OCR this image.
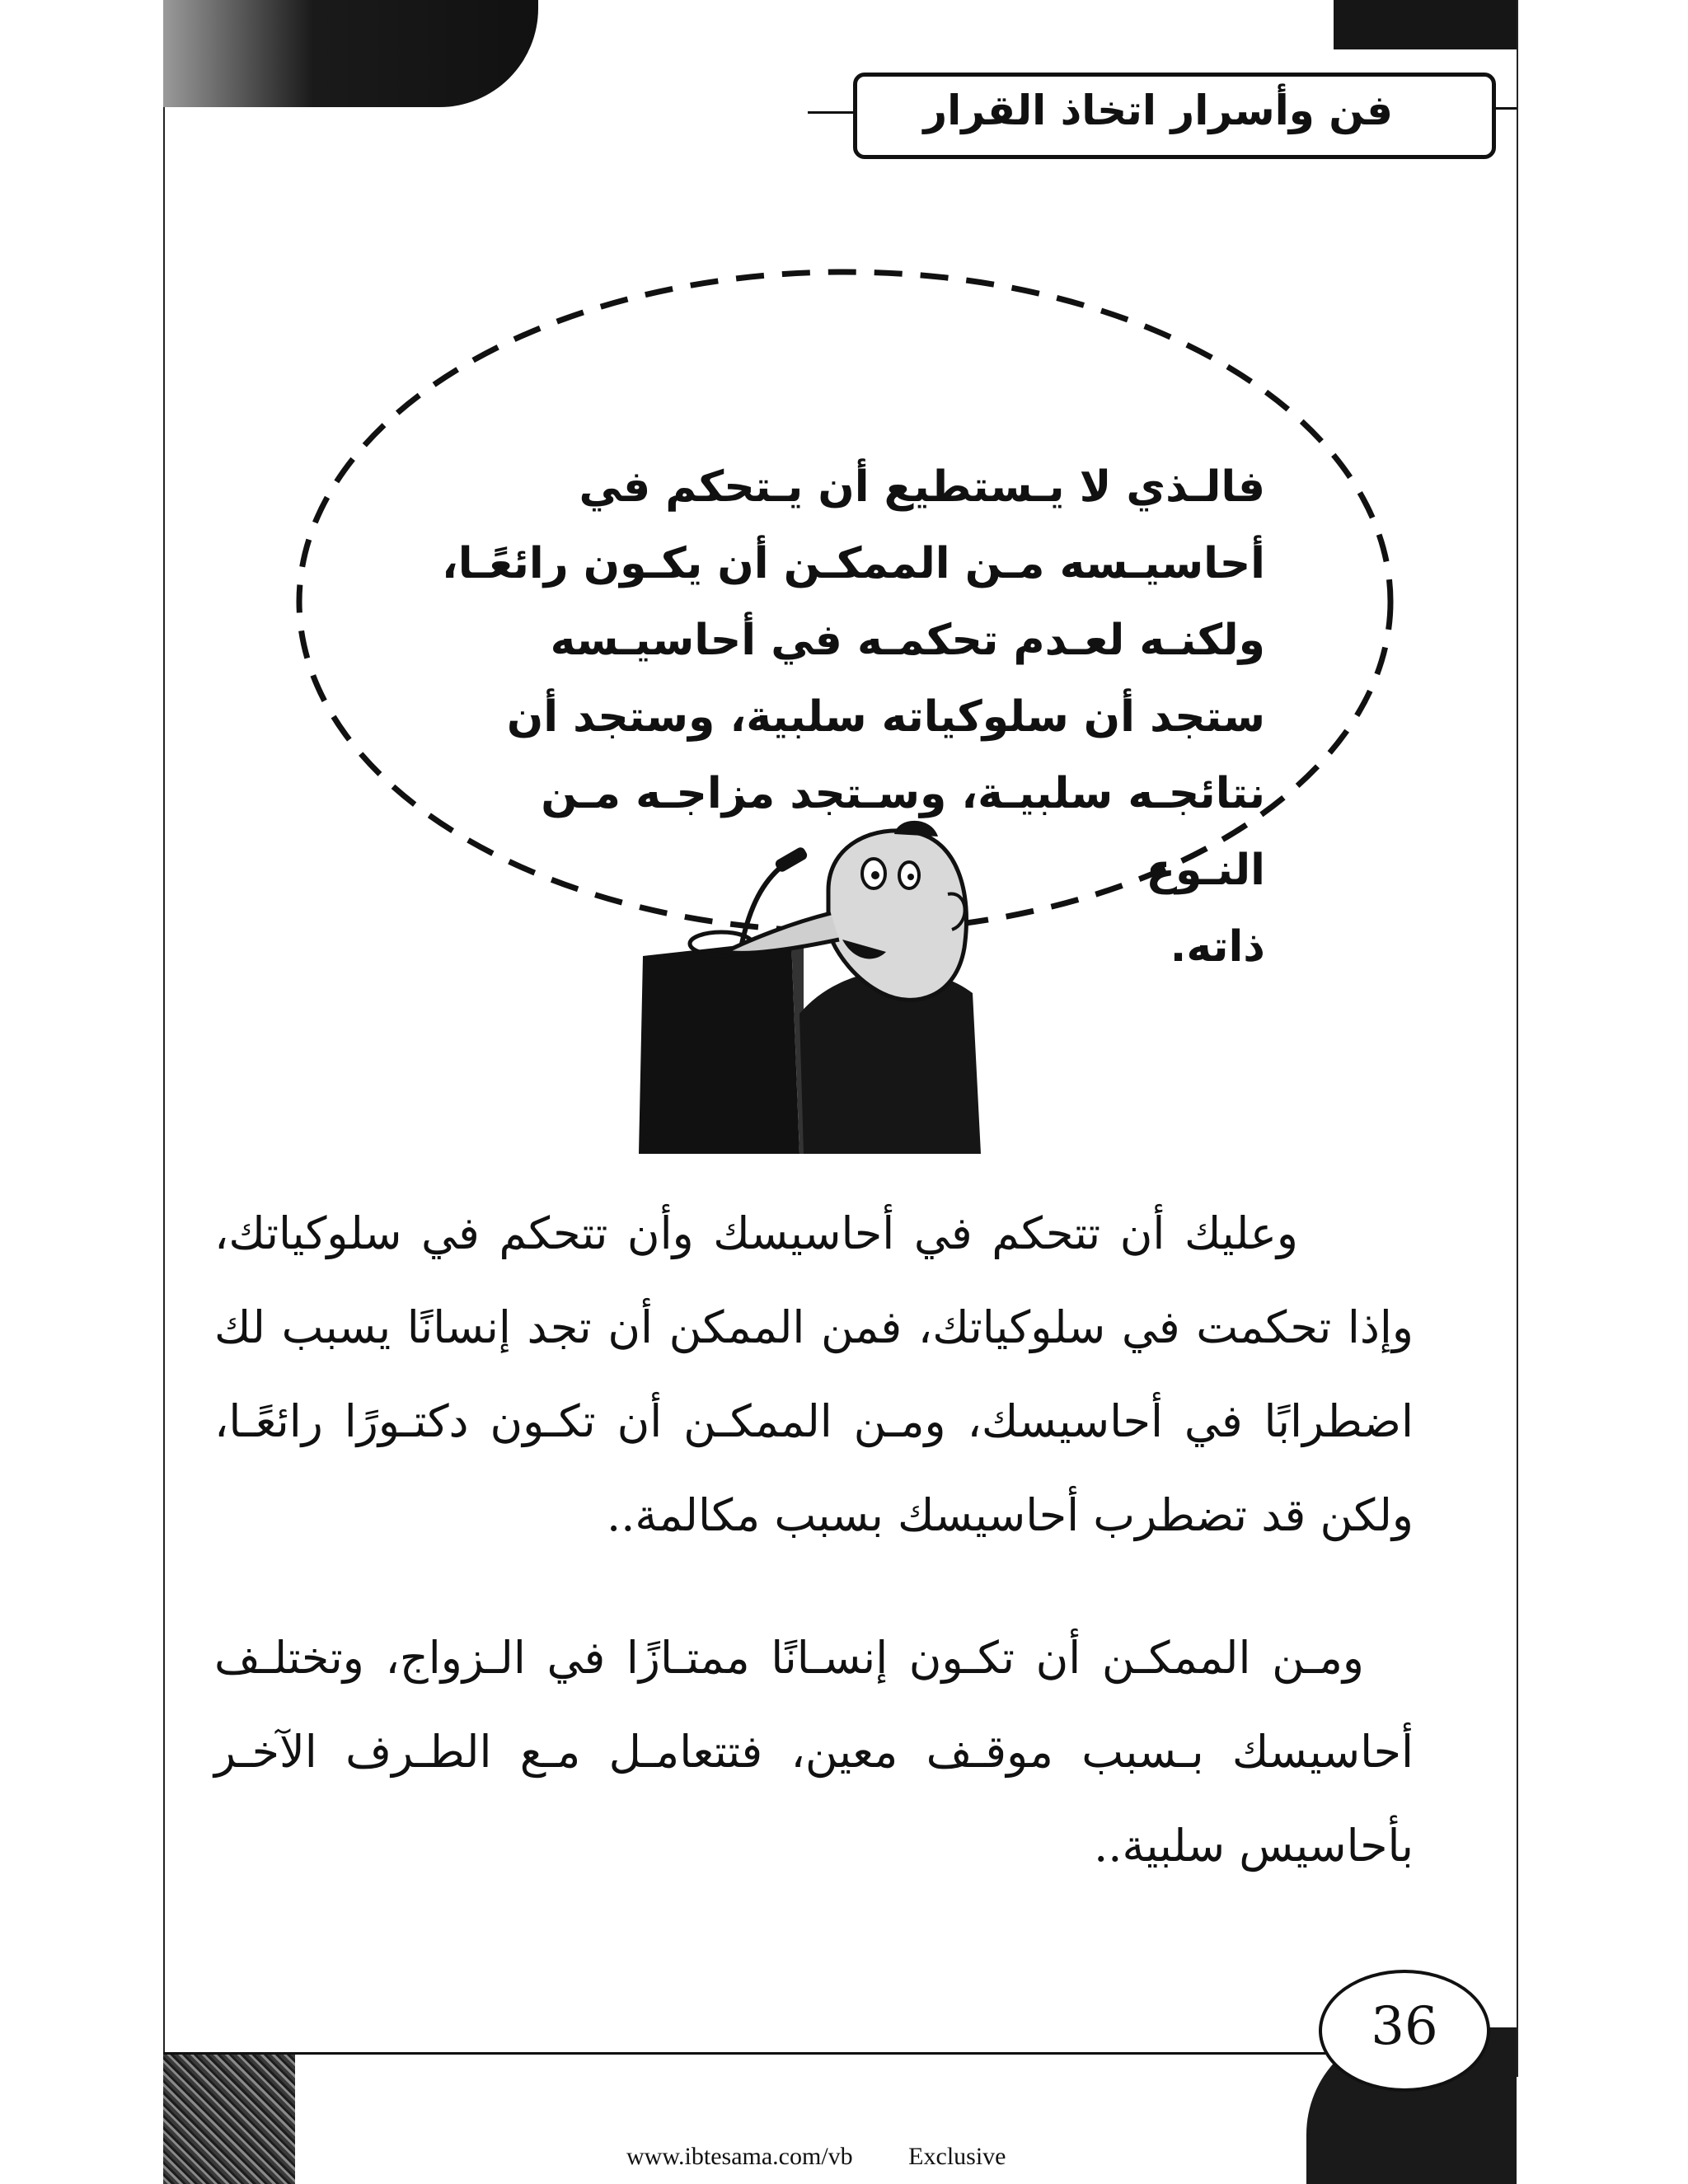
فن وأسرار اتخاذ القرار
فالـذي لا يـستطيع أن يـتحكم في
أحاسيـسه مـن الممكـن أن يكـون رائعًـا،
ولكنـه لعـدم تحكمـه في أحاسيـسه
ستجد أن سلوكياته سلبية، وستجد أن
نتائجـه سلبيـة، وسـتجد مزاجـه مـن النـوع
ذاته.
وعليك أن تتحكم في أحاسيسك وأن تتحكم في سلوكياتك،
وإذا تحكمت في سلوكياتك، فمن الممكن أن تجد إنسانًا يسبب لك
اضطرابًا في أحاسيسك، ومـن الممكـن أن تكـون دكتـورًا رائعًـا،
ولكن قد تضطرب أحاسيسك بسبب مكالمة..
ومـن الممكـن أن تكـون إنسـانًا ممتـازًا في الـزواج، وتختلـف
أحاسيسك بـسبب موقـف معين، فتتعامـل مـع الطـرف الآخـر
بأحاسيس سلبية..
36
www.ibtesama.com/vb Exclusive
